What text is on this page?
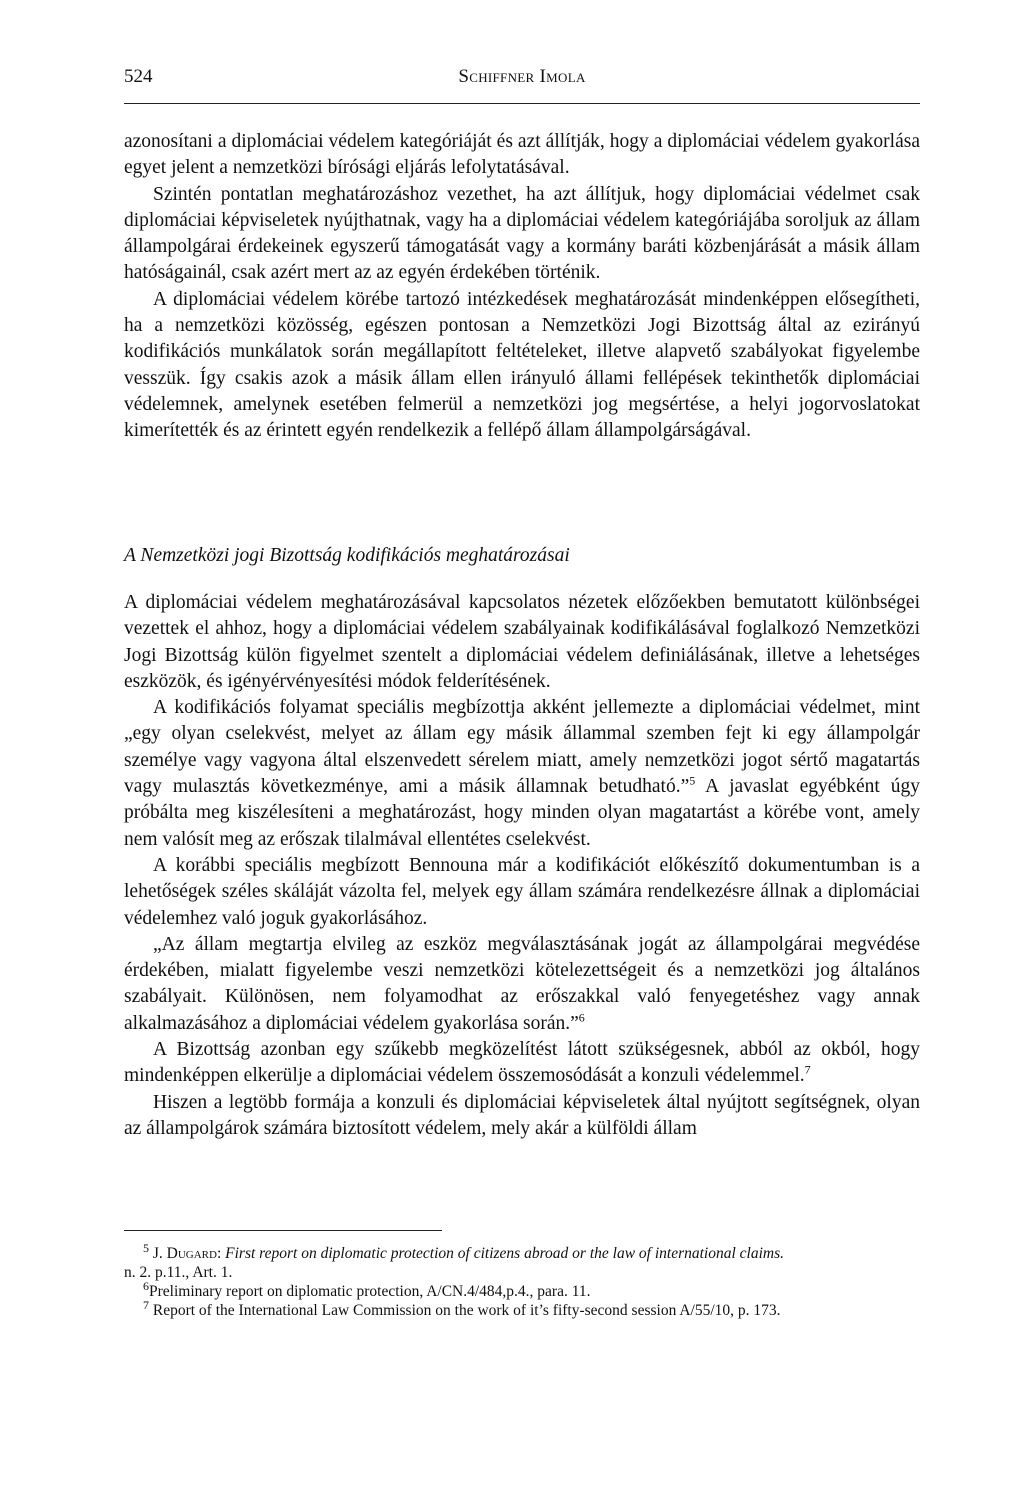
524	Schiffner Imola

azonosítani a diplomáciai védelem kategóriáját és azt állítják, hogy a diplomáciai védelem gyakorlása egyet jelent a nemzetközi bírósági eljárás lefolytatásával.

Szintén pontatlan meghatározáshoz vezethet, ha azt állítjuk, hogy diplomáciai védelmet csak diplomáciai képviseletek nyújthatnak, vagy ha a diplomáciai védelem kategóriájába soroljuk az állam állampolgárai érdekeinek egyszerű támogatását vagy a kormány baráti közbenjárását a másik állam hatóságainál, csak azért mert az az egyén érdekében történik.

A diplomáciai védelem körébe tartozó intézkedések meghatározását mindenképpen elősegítheti, ha a nemzetközi közösség, egészen pontosan a Nemzetközi Jogi Bizottság által az ezirányú kodifikációs munkálatok során megállapított feltételeket, illetve alapvető szabályokat figyelembe vesszük. Így csakis azok a másik állam ellen irányuló állami fellépések tekinthetők diplomáciai védelemnek, amelynek esetében felmerül a nemzetközi jog megsértése, a helyi jogorvoslatokat kimerítették és az érintett egyén rendelkezik a fellépő állam állampolgárságával.

A Nemzetközi jogi Bizottság kodifikációs meghatározásai

A diplomáciai védelem meghatározásával kapcsolatos nézetek előzőekben bemutatott különbségei vezettek el ahhoz, hogy a diplomáciai védelem szabályainak kodifikálásával foglalkozó Nemzetközi Jogi Bizottság külön figyelmet szentelt a diplomáciai védelem definiálásának, illetve a lehetséges eszközök, és igényérvényesítési módok felderítésének.

A kodifikációs folyamat speciális megbízottja akként jellemezte a diplomáciai védelmet, mint „egy olyan cselekvést, melyet az állam egy másik állammal szemben fejt ki egy állampolgár személye vagy vagyona által elszenvedett sérelem miatt, amely nemzetközi jogot sértő magatartás vagy mulasztás következménye, ami a másik államnak betudható.”$^5$ A javaslat egyébként úgy próbálta meg kiszélesíteni a meghatározást, hogy minden olyan magatartást a körébe vont, amely nem valósít meg az erőszak tilalmával ellentétes cselekvést.

A korábbi speciális megbízott Bennouna már a kodifikációt előkészítő dokumentumban is a lehetőségek széles skáláját vázolta fel, melyek egy állam számára rendelkezésre állnak a diplomáciai védelemhez való joguk gyakorlásához.

„Az állam megtartja elvileg az eszköz megválasztásának jogát az állampolgárai megvédése érdekében, mialatt figyelembe veszi nemzetközi kötelezettségeit és a nemzetközi jog általános szabályait. Különösen, nem folyamodhat az erőszakkal való fenyegetéshez vagy annak alkalmazásához a diplomáciai védelem gyakorlása során.”$^6$

A Bizottság azonban egy szűkebb megközelítést látott szükségesnek, abból az okból, hogy mindenképpen elkerülje a diplomáciai védelem összemosódását a konzuli védelemmel.$^7$

Hiszen a legtöbb formája a konzuli és diplomáciai képviseletek által nyújtott segítségnek, olyan az állampolgárok számára biztosított védelem, mely akár a külföldi állam

$^5$ J. Dugard: First report on diplomatic protection of citizens abroad or the law of international claims.

n. 2. p.11., Art. 1.

$^6$Preliminary report on diplomatic protection, A/CN.4/484,p.4., para. 11.

$^7$ Report of the International Law Commission on the work of it’s fifty-second session A/55/10, p. 173.
